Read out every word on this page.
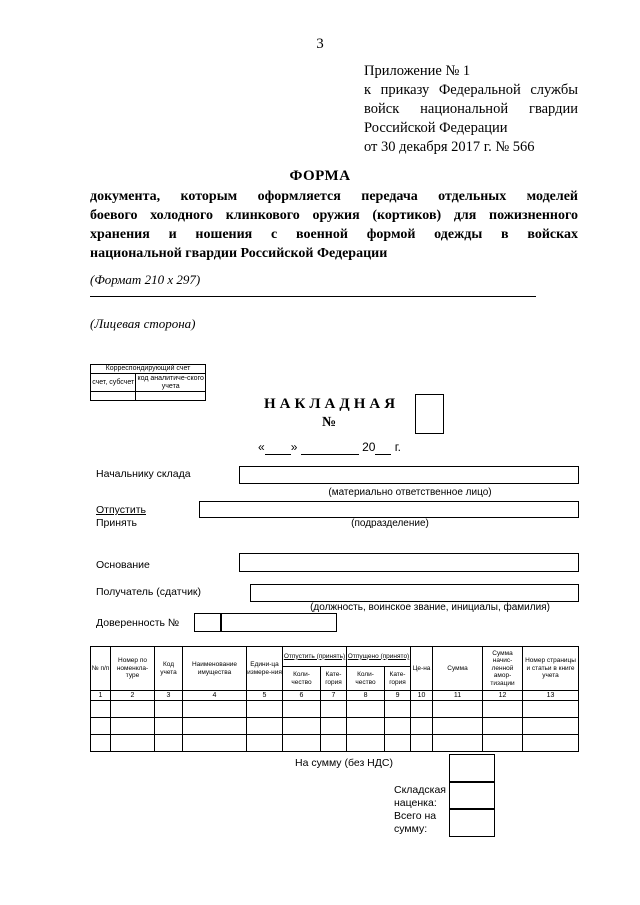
3
Приложение № 1
к приказу Федеральной службы
войск национальной гвардии
Российской Федерации
от 30 декабря 2017 г. № 566
ФОРМА
документа, которым оформляется передача отдельных моделей
боевого холодного клинкового оружия (кортиков) для пожизненного
хранения и ношения с военной формой одежды в войсках
национальной гвардии Российской Федерации
(Формат 210 х 297)
(Лицевая сторона)
Корреспондирующий счет	
счет, субсчет	код аналитиче-ского учета

НАКЛАДНАЯ
№
« »	20 г.
Начальнику склада
(материально ответственное лицо)
Отпустить
Принять	(подразделение)
Основание
Получатель (сдатчик)
(должность, воинское звание, инициалы, фамилия)
Доверенность №
№ п/п	Номер по номенкла-туре	Код учета	Наименование имущества	Едини-ца измере-ния	Отпустить (принять)		Отпущено (принято)		Це-на	Сумма	Сумма начис-ленной амор-тизации	Номер страницы и статьи в книге учета
					Коли-чество	Кате-гория	Коли-чество	Кате-гория				
1	2	3	4	5	6	7	8	9	10	11	12	13

На сумму (без НДС)
Складская
наценка:
Всего на
сумму:
